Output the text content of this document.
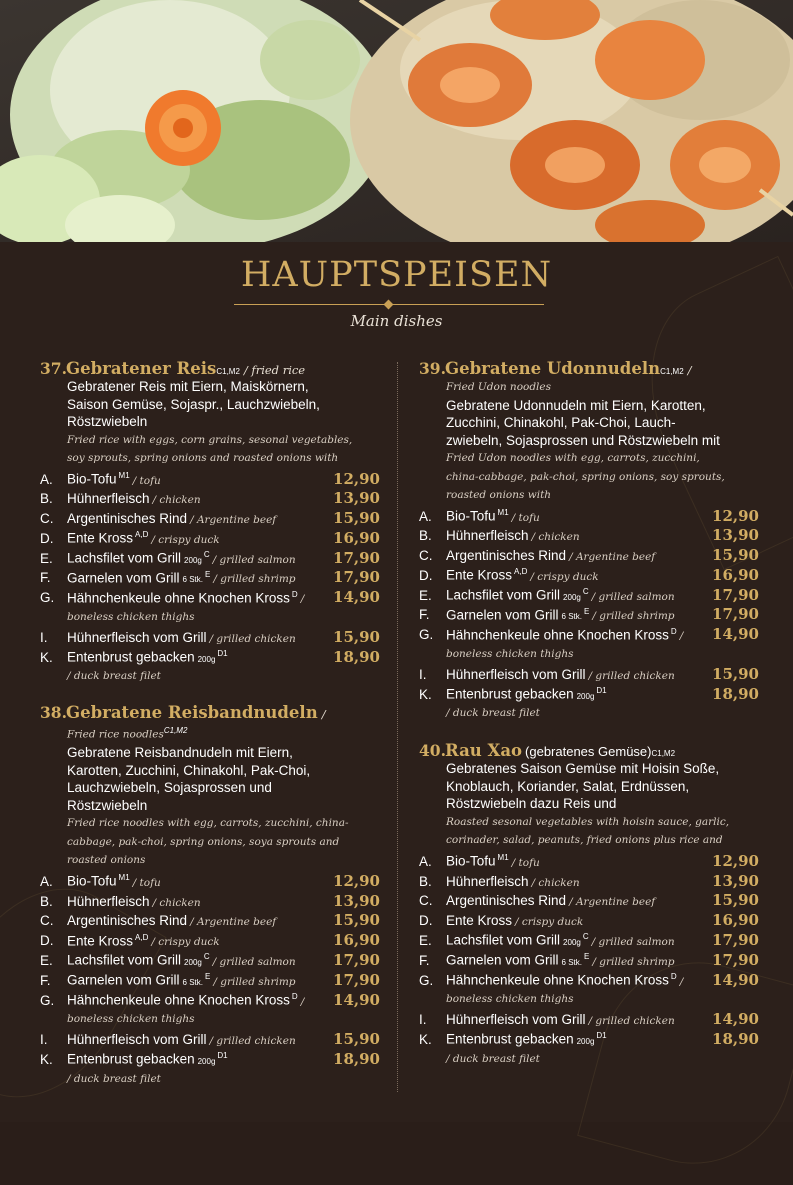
HAUPTSPEISEN
Main dishes
37. Gebratener Reis C1,M2 / fried rice
Gebratener Reis mit Eiern, Maiskörnern,
Saison Gemüse, Sojaspr., Lauchzwiebeln,
Röstzwiebeln
Fried rice with eggs, corn grains, sesonal vegetables,
soy sprouts, spring onions and roasted onions with
A.	Bio-Tofu $^{M1}$ / tofu	12,90
B.	Hühnerfleisch / chicken	13,90
C.	Argentinisches Rind / Argentine beef	15,90
D.	Ente Kross $^{A,D}$ / crispy duck	16,90
E.	Lachsfilet vom Grill $200g^C$ / grilled salmon 17,90
F.	Garnelen vom Grill 6 Stk.$^E$ / grilled shrimp	17,90
G. Hähnchenkeule ohne Knochen Kross $^D$ / 14,90
boneless chicken thighs
I.	Hühnerfleisch vom Grill / grilled chicken 15,90
K.	Entenbrust gebacken $200g^{D1}$	18,90
/ duck breast filet
38. Gebratene Reisbandnudeln /
Fried rice noodles$^{C1,M2}$
Gebratene Reisbandnudeln mit Eiern,
Karotten, Zucchini, Chinakohl, Pak-Choi,
Lauchzwiebeln, Sojasprossen und
Röstzwiebeln
Fried rice noodles with egg, carrots, zucchini, china-
cabbage, pak-choi, spring onions, soya sprouts and
roasted onions
A.	Bio-Tofu $^{M1}$ / tofu	12,90
B.	Hühnerfleisch / chicken	13,90
C.	Argentinisches Rind / Argentine beef	15,90
D.	Ente Kross $^{A,D}$ / crispy duck	16,90
E.	Lachsfilet vom Grill $200g^C$ / grilled salmon 17,90
F.	Garnelen vom Grill 6 Stk.$^E$ / grilled shrimp	17,90
G. Hähnchenkeule ohne Knochen Kross $^D$ / 14,90
boneless chicken thighs
I.	Hühnerfleisch vom Grill / grilled chicken 15,90
K.	Entenbrust gebacken $200g^{D1}$	18,90
/ duck breast filet
39. Gebratene Udonnudeln C1,M2 /
Fried Udon noodles
Gebratene Udonnudeln mit Eiern, Karotten,
Zucchini, Chinakohl, Pak-Choi, Lauch-
zwiebeln, Sojasprossen und Röstzwiebeln mit
Fried Udon noodles with egg, carrots, zucchini,
china-cabbage, pak-choi, spring onions, soy sprouts,
roasted onions with
A.	Bio-Tofu $^{M1}$ / tofu	12,90
B.	Hühnerfleisch / chicken	13,90
C.	Argentinisches Rind / Argentine beef	15,90
D.	Ente Kross $^{A,D}$ / crispy duck	16,90
E.	Lachsfilet vom Grill $200g^C$ / grilled salmon 17,90
F.	Garnelen vom Grill 6 Stk.$^E$ / grilled shrimp	17,90
G. Hähnchenkeule ohne Knochen Kross $^D$ / 14,90
boneless chicken thighs
I.	Hühnerfleisch vom Grill / grilled chicken 15,90
K.	Entenbrust gebacken $200g^{D1}$	18,90
/ duck breast filet
40. Rau Xao (gebratenes Gemüse) C1,M2
Gebratenes Saison Gemüse mit Hoisin Soße,
Knoblauch, Koriander, Salat, Erdnüssen,
Röstzwiebeln dazu Reis und
Roasted sesonal vegetables with hoisin sauce, garlic,
corinader, salad, peanuts, fried onions plus rice and
A.	Bio-Tofu $^{M1}$ / tofu	12,90
B.	Hühnerfleisch / chicken	13,90
C.	Argentinisches Rind / Argentine beef	15,90
D.	Ente Kross / crispy duck	16,90
E.	Lachsfilet vom Grill $200g^C$ / grilled salmon 17,90
F.	Garnelen vom Grill 6 Stk.$^E$ / grilled shrimp	17,90
G. Hähnchenkeule ohne Knochen Kross $^D$ / 14,90
boneless chicken thighs
I.	Hühnerfleisch vom Grill / grilled chicken 14,90
K.	Entenbrust gebacken $200g^{D1}$	18,90
/ duck breast filet
